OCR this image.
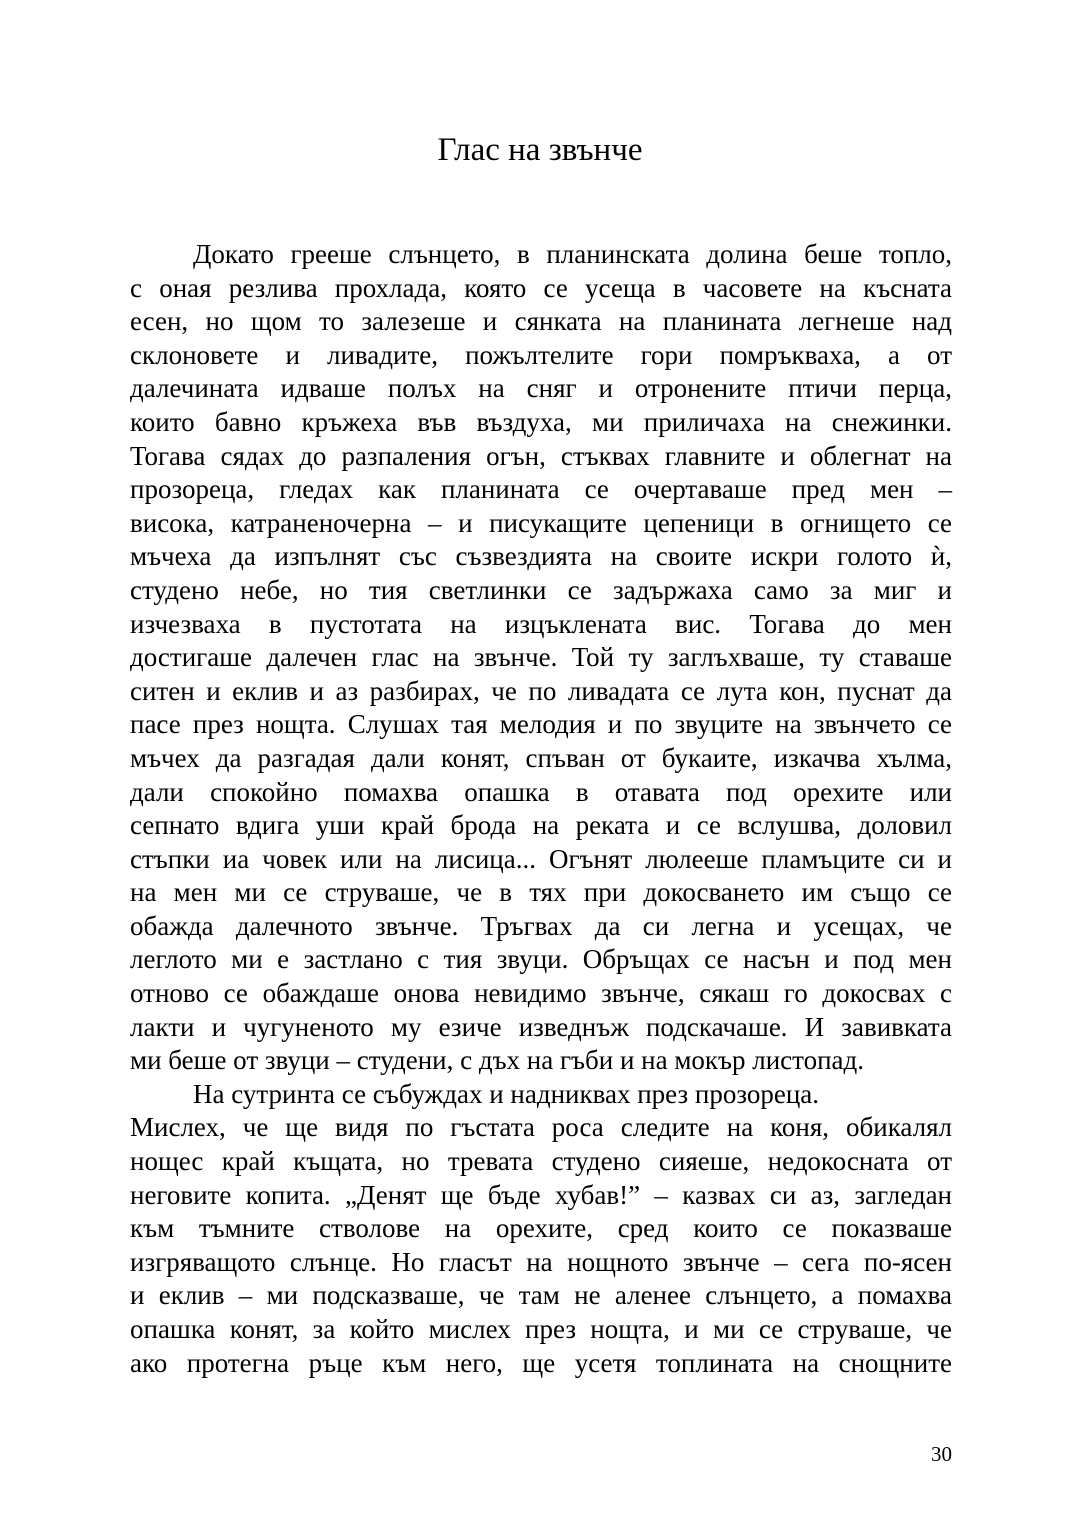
Глас на звънче
Докато грееше слънцето, в планинската долина беше топло,
с оная резлива прохлада, която се усеща в часовете на късната
есен, но щом то залезеше и сянката на планината легнеше над
склоновете и ливадите, пожълтелите гори помръкваха, а от
далечината идваше полъх на сняг и отронените птичи перца,
които бавно кръжеха във въздуха, ми приличаха на снежинки.
Тогава сядах до разпаления огън, стъквах главните и облегнат на
прозореца, гледах как планината се очертаваше пред мен –
висока, катраненочерна – и писукащите цепеници в огнището се
мъчеха да изпълнят със съзвездията на своите искри голото ѝ,
студено небе, но тия светлинки се задържаха само за миг и
изчезваха в пустотата на изцъклената вис. Тогава до мен
достигаше далечен глас на звънче. Той ту заглъхваше, ту ставаше
ситен и еклив и аз разбирах, че по ливадата се лута кон, пуснат да
пасе през нощта. Слушах тая мелодия и по звуците на звънчето се
мъчех да разгадая дали конят, спъван от букаите, изкачва хълма,
дали спокойно помахва опашка в отавата под орехите или
сепнато вдига уши край брода на реката и се вслушва, доловил
стъпки иа човек или на лисица... Огънят люлееше пламъците си и
на мен ми се струваше, че в тях при докосването им също се
обажда далечното звънче. Тръгвах да си легна и усещах, че
леглото ми е застлано с тия звуци. Обръщах се насън и под мен
отново се обаждаше онова невидимо звънче, сякаш го докосвах с
лакти и чугуненото му езиче изведнъж подскачаше. И завивката
ми беше от звуци – студени, с дъх на гъби и на мокър листопад.
На сутринта се събуждах и надниквах през прозореца.
Мислех, че ще видя по гъстата роса следите на коня, обикалял
нощес край къщата, но тревата студено сияеше, недокосната от
неговите копита. „Денят ще бъде хубав!” – казвах си аз, загледан
към тъмните стволове на орехите, сред които се показваше
изгряващото слънце. Но гласът на нощното звънче – сега по-ясен
и еклив – ми подсказваше, че там не аленее слънцето, а помахва
опашка конят, за който мислех през нощта, и ми се струваше, че
ако протегна ръце към него, ще усетя топлината на снощните
30
